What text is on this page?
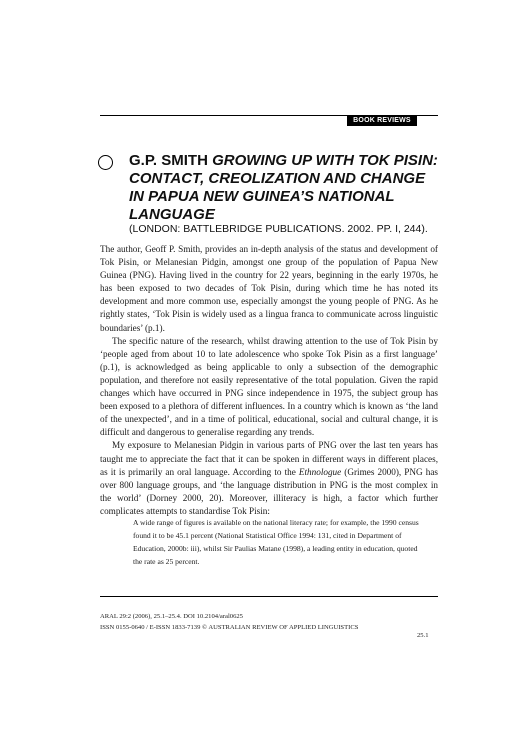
BOOK REVIEWS
G.P. SMITH GROWING UP WITH TOK PISIN: CONTACT, CREOLIZATION AND CHANGE IN PAPUA NEW GUINEA’S NATIONAL LANGUAGE
(LONDON: BATTLEBRIDGE PUBLICATIONS. 2002. PP. I, 244).

The author, Geoff P. Smith, provides an in-depth analysis of the status and development of Tok Pisin, or Melanesian Pidgin, amongst one group of the population of Papua New Guinea (PNG). Having lived in the country for 22 years, beginning in the early 1970s, he has been exposed to two decades of Tok Pisin, during which time he has noted its development and more common use, especially amongst the young people of PNG. As he rightly states, ‘Tok Pisin is widely used as a lingua franca to communicate across linguistic boundaries’ (p.1).

The specific nature of the research, whilst drawing attention to the use of Tok Pisin by ‘people aged from about 10 to late adolescence who spoke Tok Pisin as a first language’ (p.1), is acknowledged as being applicable to only a subsection of the demographic population, and therefore not easily representative of the total population. Given the rapid changes which have occurred in PNG since independence in 1975, the subject group has been exposed to a plethora of different influences. In a country which is known as ‘the land of the unexpected’, and in a time of political, educational, social and cultural change, it is difficult and dangerous to generalise regarding any trends.

My exposure to Melanesian Pidgin in various parts of PNG over the last ten years has taught me to appreciate the fact that it can be spoken in different ways in different places, as it is primarily an oral language. According to the Ethnologue (Grimes 2000), PNG has over 800 language groups, and ‘the language distribution in PNG is the most complex in the world’ (Dorney 2000, 20). Moreover, illiteracy is high, a factor which further complicates attempts to standardise Tok Pisin:

A wide range of figures is available on the national literacy rate; for example, the 1990 census found it to be 45.1 percent (National Statistical Office 1994: 131, cited in Department of Education, 2000b: iii), whilst Sir Paulias Matane (1998), a leading entity in education, quoted the rate as 25 percent.
ARAL 29:2 (2006), 25.1–25.4. DOI 10.2104/aral0625
ISSN 0155-0640 / E-ISSN 1833-7139 © AUSTRALIAN REVIEW OF APPLIED LINGUISTICS
25.1
